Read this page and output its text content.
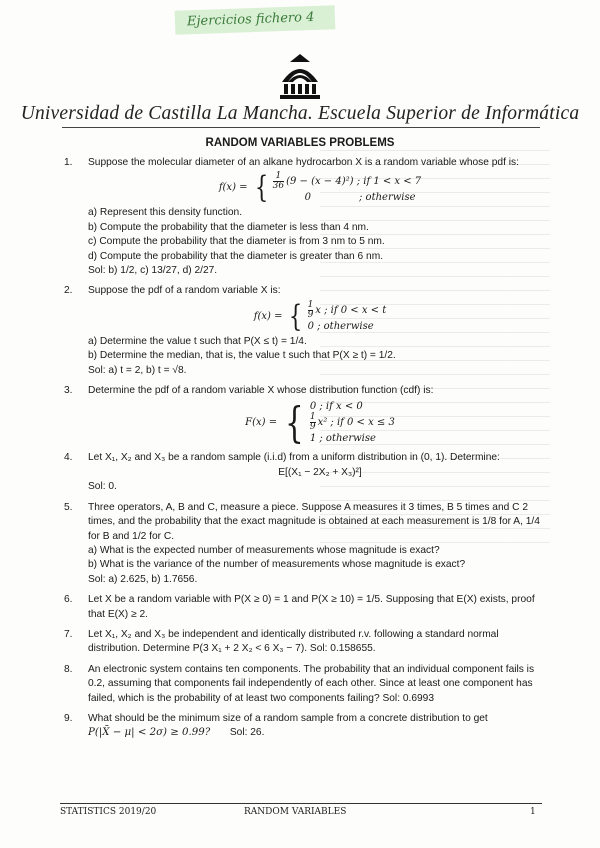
Ejercicios fichero 4
Universidad de Castilla La Mancha. Escuela Superior de Informática
RANDOM VARIABLES PROBLEMS
1. Suppose the molecular diameter of an alkane hydrocarbon X is a random variable whose pdf is:

f(x) = { $\frac{1}{36} (9 - (x - 4)^2)$ ; if 1 < x < 7
0	; otherwise

a) Represent this density function.

b) Compute the probability that the diameter is less than 4 nm.

c) Compute the probability that the diameter is from 3 nm to 5 nm.

d) Compute the probability that the diameter is greater than 6 nm.

Sol: b) 1/2, c) 13/27, d) 2/27.

2. Suppose the pdf of a random variable X is:

f(x) = { $\frac{1}{9}$ x ; if 0 < x < t
0 ; otherwise

a) Determine the value t such that P(X ≤ t) = 1/4.

b) Determine the median, that is, the value t such that P(X ≥ t) = 1/2.

Sol: a) t = 2, b) t = √8.

3. Determine the pdf of a random variable X whose distribution function (cdf) is:

F(x) = { 0 ; if x < 0
$\frac{1}{9} x^2$ ; if 0 < x ≤ 3
1 ; otherwise
4. Let X₁, X₂ and X₃ be a random sample (i.i.d) from a uniform distribution in (0, 1). Determine:

E[(X₁ − 2X₂ + X₃)²]

Sol: 0.

5. Three operators, A, B and C, measure a piece. Suppose A measures it 3 times, B 5 times and C 2 times, and the probability that the exact magnitude is obtained at each measurement is 1/8 for A, 1/4 for B and 1/2 for C.

a) What is the expected number of measurements whose magnitude is exact?

b) What is the variance of the number of measurements whose magnitude is exact?

Sol: a) 2.625, b) 1.7656.

6. Let X be a random variable with P(X ≥ 0) = 1 and P(X ≥ 10) = 1/5. Supposing that E(X) exists, proof that E(X) ≥ 2.

7. Let X₁, X₂ and X₃ be independent and identically distributed r.v. following a standard normal distribution. Determine P(3 X₁ + 2 X₂ < 6 X₃ − 7). Sol: 0.158655.

8. An electronic system contains ten components. The probability that an individual component fails is 0.2, assuming that components fail independently of each other. Since at least one component has failed, which is the probability of at least two components failing? Sol: 0.6993

9. What should be the minimum size of a random sample from a concrete distribution to get

P(|X̄ − μ| < 2σ) ≥ 0.99? Sol: 26.

STATISTICS 2019/20	RANDOM VARIABLES	1
